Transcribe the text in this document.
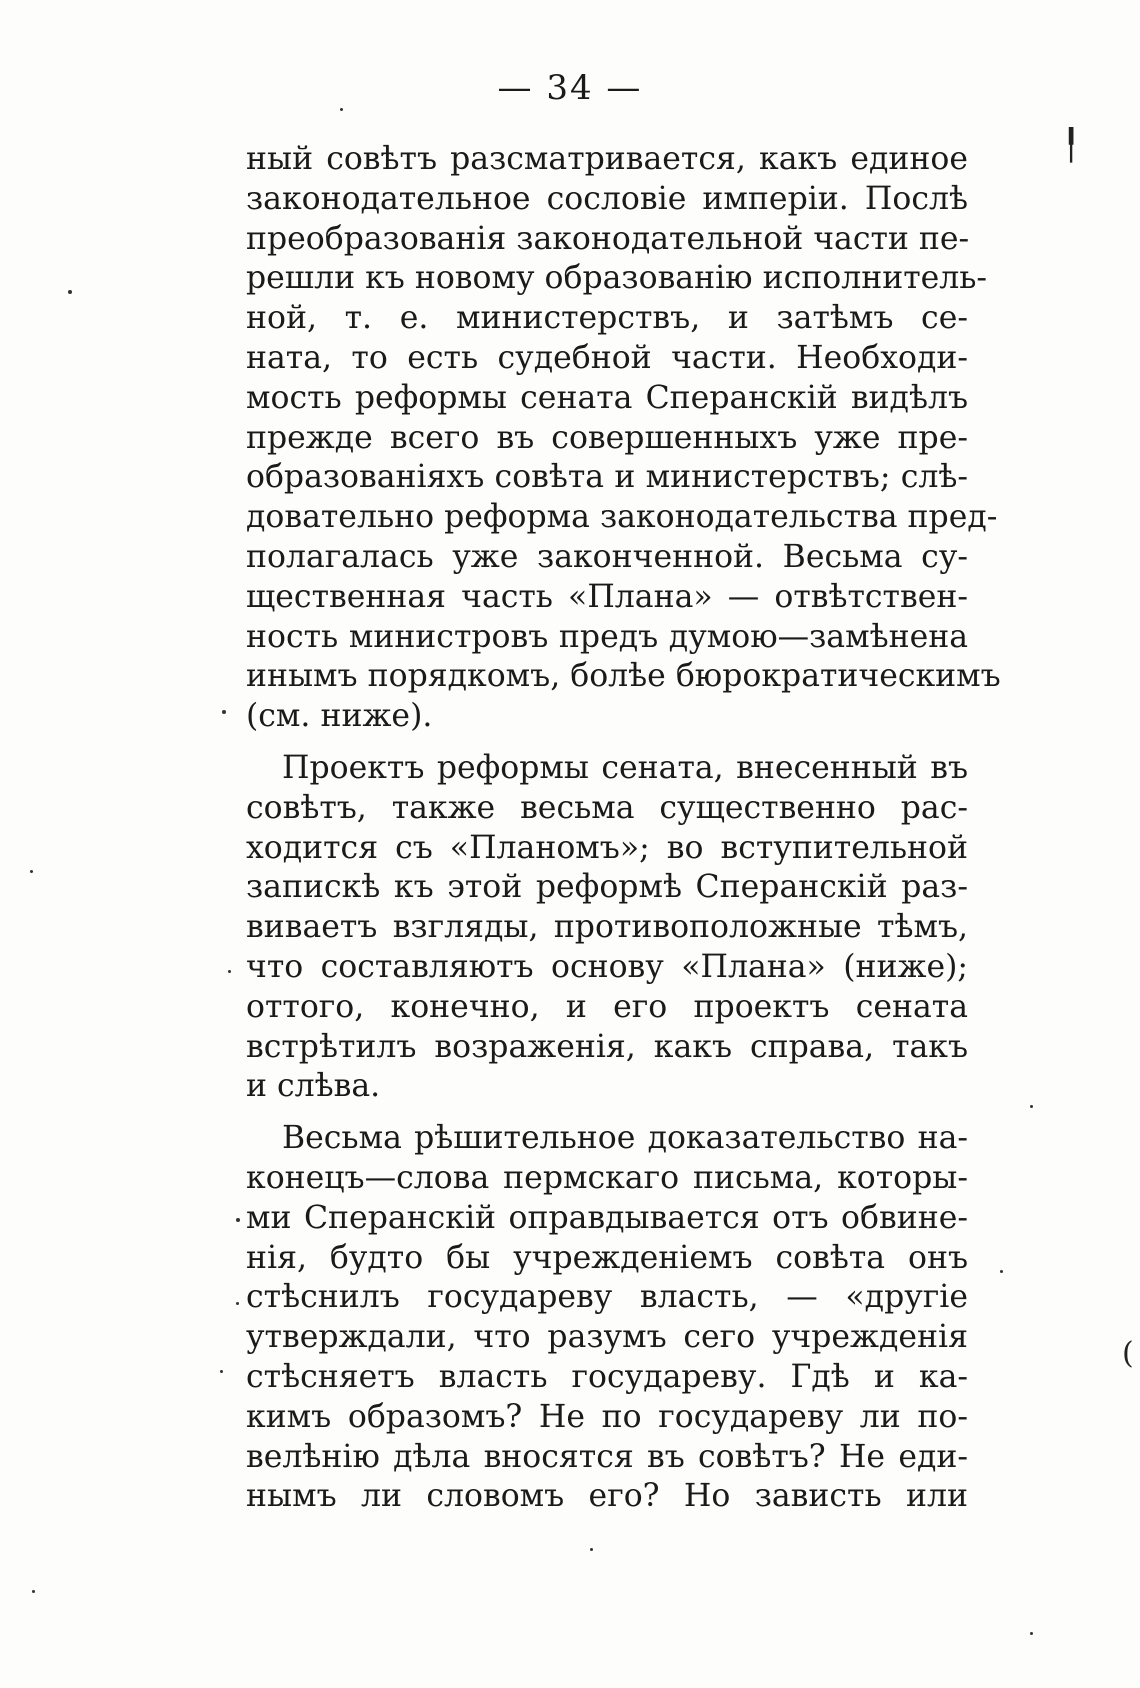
— 34 —
ный совѣтъ разсматривается, какъ единое
законодательное сословіе имперіи. Послѣ
преобразованія законодательной части пе-
решли къ новому образованію исполнитель-
ной, т. е. министерствъ, и затѣмъ се-
ната, то есть судебной части. Необходи-
мость реформы сената Сперанскій видѣлъ
прежде всего въ совершенныхъ уже пре-
образованіяхъ совѣта и министерствъ; слѣ-
довательно реформа законодательства пред-
полагалась уже законченной. Весьма су-
щественная часть «Плана» — отвѣтствен-
ность министровъ предъ думою—замѣнена
инымъ порядкомъ, болѣе бюрократическимъ
(см. ниже).
Проектъ реформы сената, внесенный въ
совѣтъ, также весьма существенно рас-
ходится съ «Планомъ»; во вступительной
запискѣ къ этой реформѣ Сперанскій раз-
виваетъ взгляды, противоположные тѣмъ,
что составляютъ основу «Плана» (ниже);
оттого, конечно, и его проектъ сената
встрѣтилъ возраженія, какъ справа, такъ
и слѣва.
Весьма рѣшительное доказательство на-
конецъ—слова пермскаго письма, которы-
ми Сперанскій оправдывается отъ обвине-
нія, будто бы учрежденіемъ совѣта онъ
стѣснилъ государеву власть, — «другіе
утверждали, что разумъ сего учрежденія
стѣсняетъ власть государеву. Гдѣ и ка-
кимъ образомъ? Не по государеву ли по-
велѣнію дѣла вносятся въ совѣтъ? Не еди-
нымъ ли словомъ его? Но зависть или
╿
(
